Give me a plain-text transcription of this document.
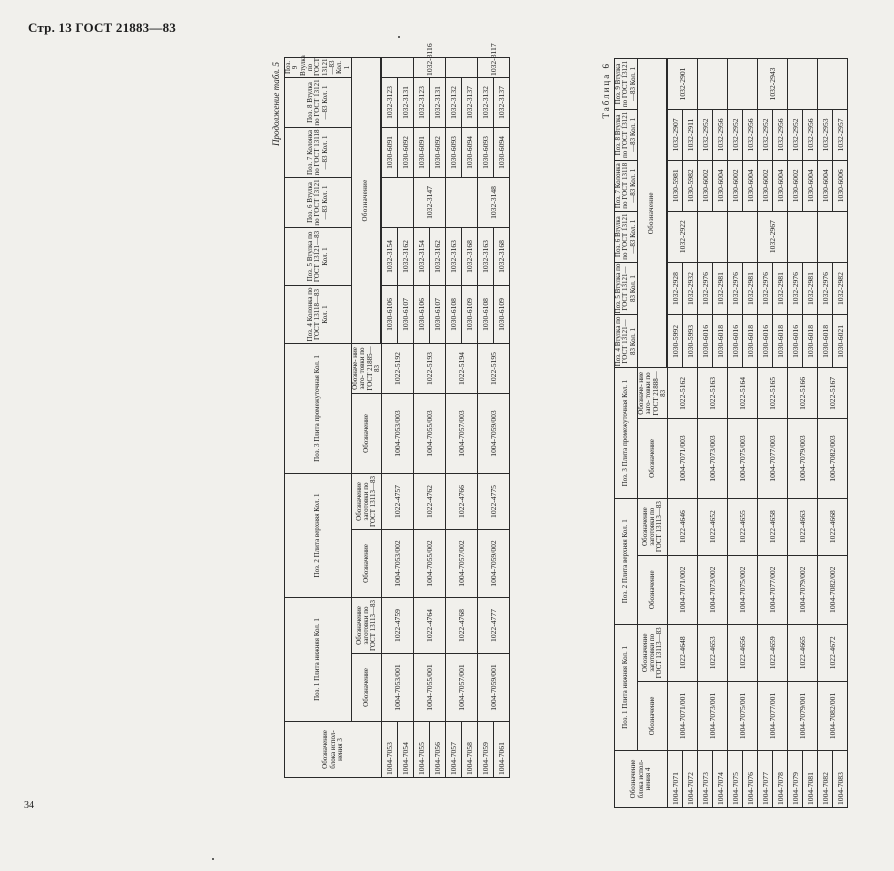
Стр. 13 ГОСТ 21883—83
Продолжение табл. 5
Обозначение блока испол- нения 3	Поз. 1 Плита нижняя Кол. 1		Поз. 2 Плита верхняя Кол. 1		Поз. 3 Плита промежуточная Кол. 1		Поз. 4 Колонка по ГОСТ 13118—83 Кол. 1	Поз. 5 Втулка по ГОСТ 13121—83 Кол. 1	Поз. 6 Втулка по ГОСТ 13121—83 Кол. 1	Поз. 7 Колонка по ГОСТ 13118—83 Кол. 1	Поз. 8 Втулка по ГОСТ 13121—83 Кол. 1	Поз. 9 Втулка по ГОСТ 13121—83 Кол. 1
	Обозначение	Обозначение заготовки по ГОСТ 13113—83	Обозначение	Обозначение заготовки по ГОСТ 13113—83	Обозначение	Обозначе- ние заго- товки по ГОСТ 21885—83	Обозначение					

1004-7053	1004-7053/001	1022-4759	1004-7053/002	1022-4757	1004-7053/003	1022-5192	1030-6106	1032-3154		1030-6091	1032-3123	
1004-7054							1030-6107	1032-3162		1030-6092	1032-3131	
1004-7055	1004-7055/001	1022-4764	1004-7055/002	1022-4762	1004-7055/003	1022-5193	1030-6106	1032-3154	1032-3147	1030-6091	1032-3123	1032-3116
1004-7056							1030-6107	1032-3162		1030-6092	1032-3131	
1004-7057	1004-7057/001	1022-4768	1004-7057/002	1022-4766	1004-7057/003	1022-5194	1030-6108	1032-3163		1030-6093	1032-3132	
1004-7058							1030-6109	1032-3168		1030-6094	1032-3137	
1004-7059	1004-7059/001	1022-4777	1004-7059/002	1022-4775	1004-7059/003	1022-5195	1030-6108	1032-3163	1032-3148	1030-6093	1032-3132	1032-3117
1004-7061							1030-6109	1032-3168		1030-6094	1032-3137		Таблица 6
Обозначение блока испол- нения 4	Поз. 1 Плита нижняя Кол. 1		Поз. 2 Плита верхняя Кол. 1		Поз. 3 Плита промежуточная Кол. 1		Поз. 4 Втулка по ГОСТ 13121—83 Кол. 1	Поз. 5 Втулка по ГОСТ 13121—83 Кол. 1	Поз. 6 Втулка по ГОСТ 13121—83 Кол. 1	Поз. 7 Колонка по ГОСТ 13118—83 Кол. 1	Поз. 8 Втулка по ГОСТ 13121—83 Кол. 1	Поз. 9 Втулка по ГОСТ 13121—83 Кол. 1
	Обозначение	Обозначение заготовки по ГОСТ 13113—83	Обозначение	Обозначение заготовки по ГОСТ 13113—83	Обозначение	Обозначе- ние заго- товки по ГОСТ 21888—83	Обозначение					

1004-7071	1004-7071/001	1022-4648	1004-7071/002	1022-4646	1004-7071/003	1022-5162	1030-5992	1032-2928	1032-2922	1030-5981	1032-2907	1032-2901
1004-7072							1030-5993	1032-2932		1030-5982	1032-2911	
1004-7073	1004-7073/001	1022-4653	1004-7073/002	1022-4652	1004-7073/003	1022-5163	1030-6016	1032-2976		1030-6002	1032-2952	
1004-7074							1030-6018	1032-2981		1030-6004	1032-2956	
1004-7075	1004-7075/001	1022-4656	1004-7075/002	1022-4655	1004-7075/003	1022-5164	1030-6016	1032-2976		1030-6002	1032-2952	
1004-7076							1030-6018	1032-2981		1030-6004	1032-2956	
1004-7077	1004-7077/001	1022-4659	1004-7077/002	1022-4658	1004-7077/003	1022-5165	1030-6016	1032-2976	1032-2967	1030-6002	1032-2952	1032-2943
1004-7078							1030-6018	1032-2981		1030-6004	1032-2956	
1004-7079	1004-7079/001	1022-4665	1004-7079/002	1022-4663	1004-7079/003	1022-5166	1030-6016	1032-2976		1030-6002	1032-2952	
1004-7081							1030-6018	1032-2981		1030-6004	1032-2956	
1004-7082	1004-7082/001	1022-4672	1004-7082/002	1022-4668	1004-7082/003	1022-5167	1030-6018	1032-2976		1030-6004	1032-2953	
1004-7083							1030-6021	1032-2982		1030-6006	1032-2957	
34
